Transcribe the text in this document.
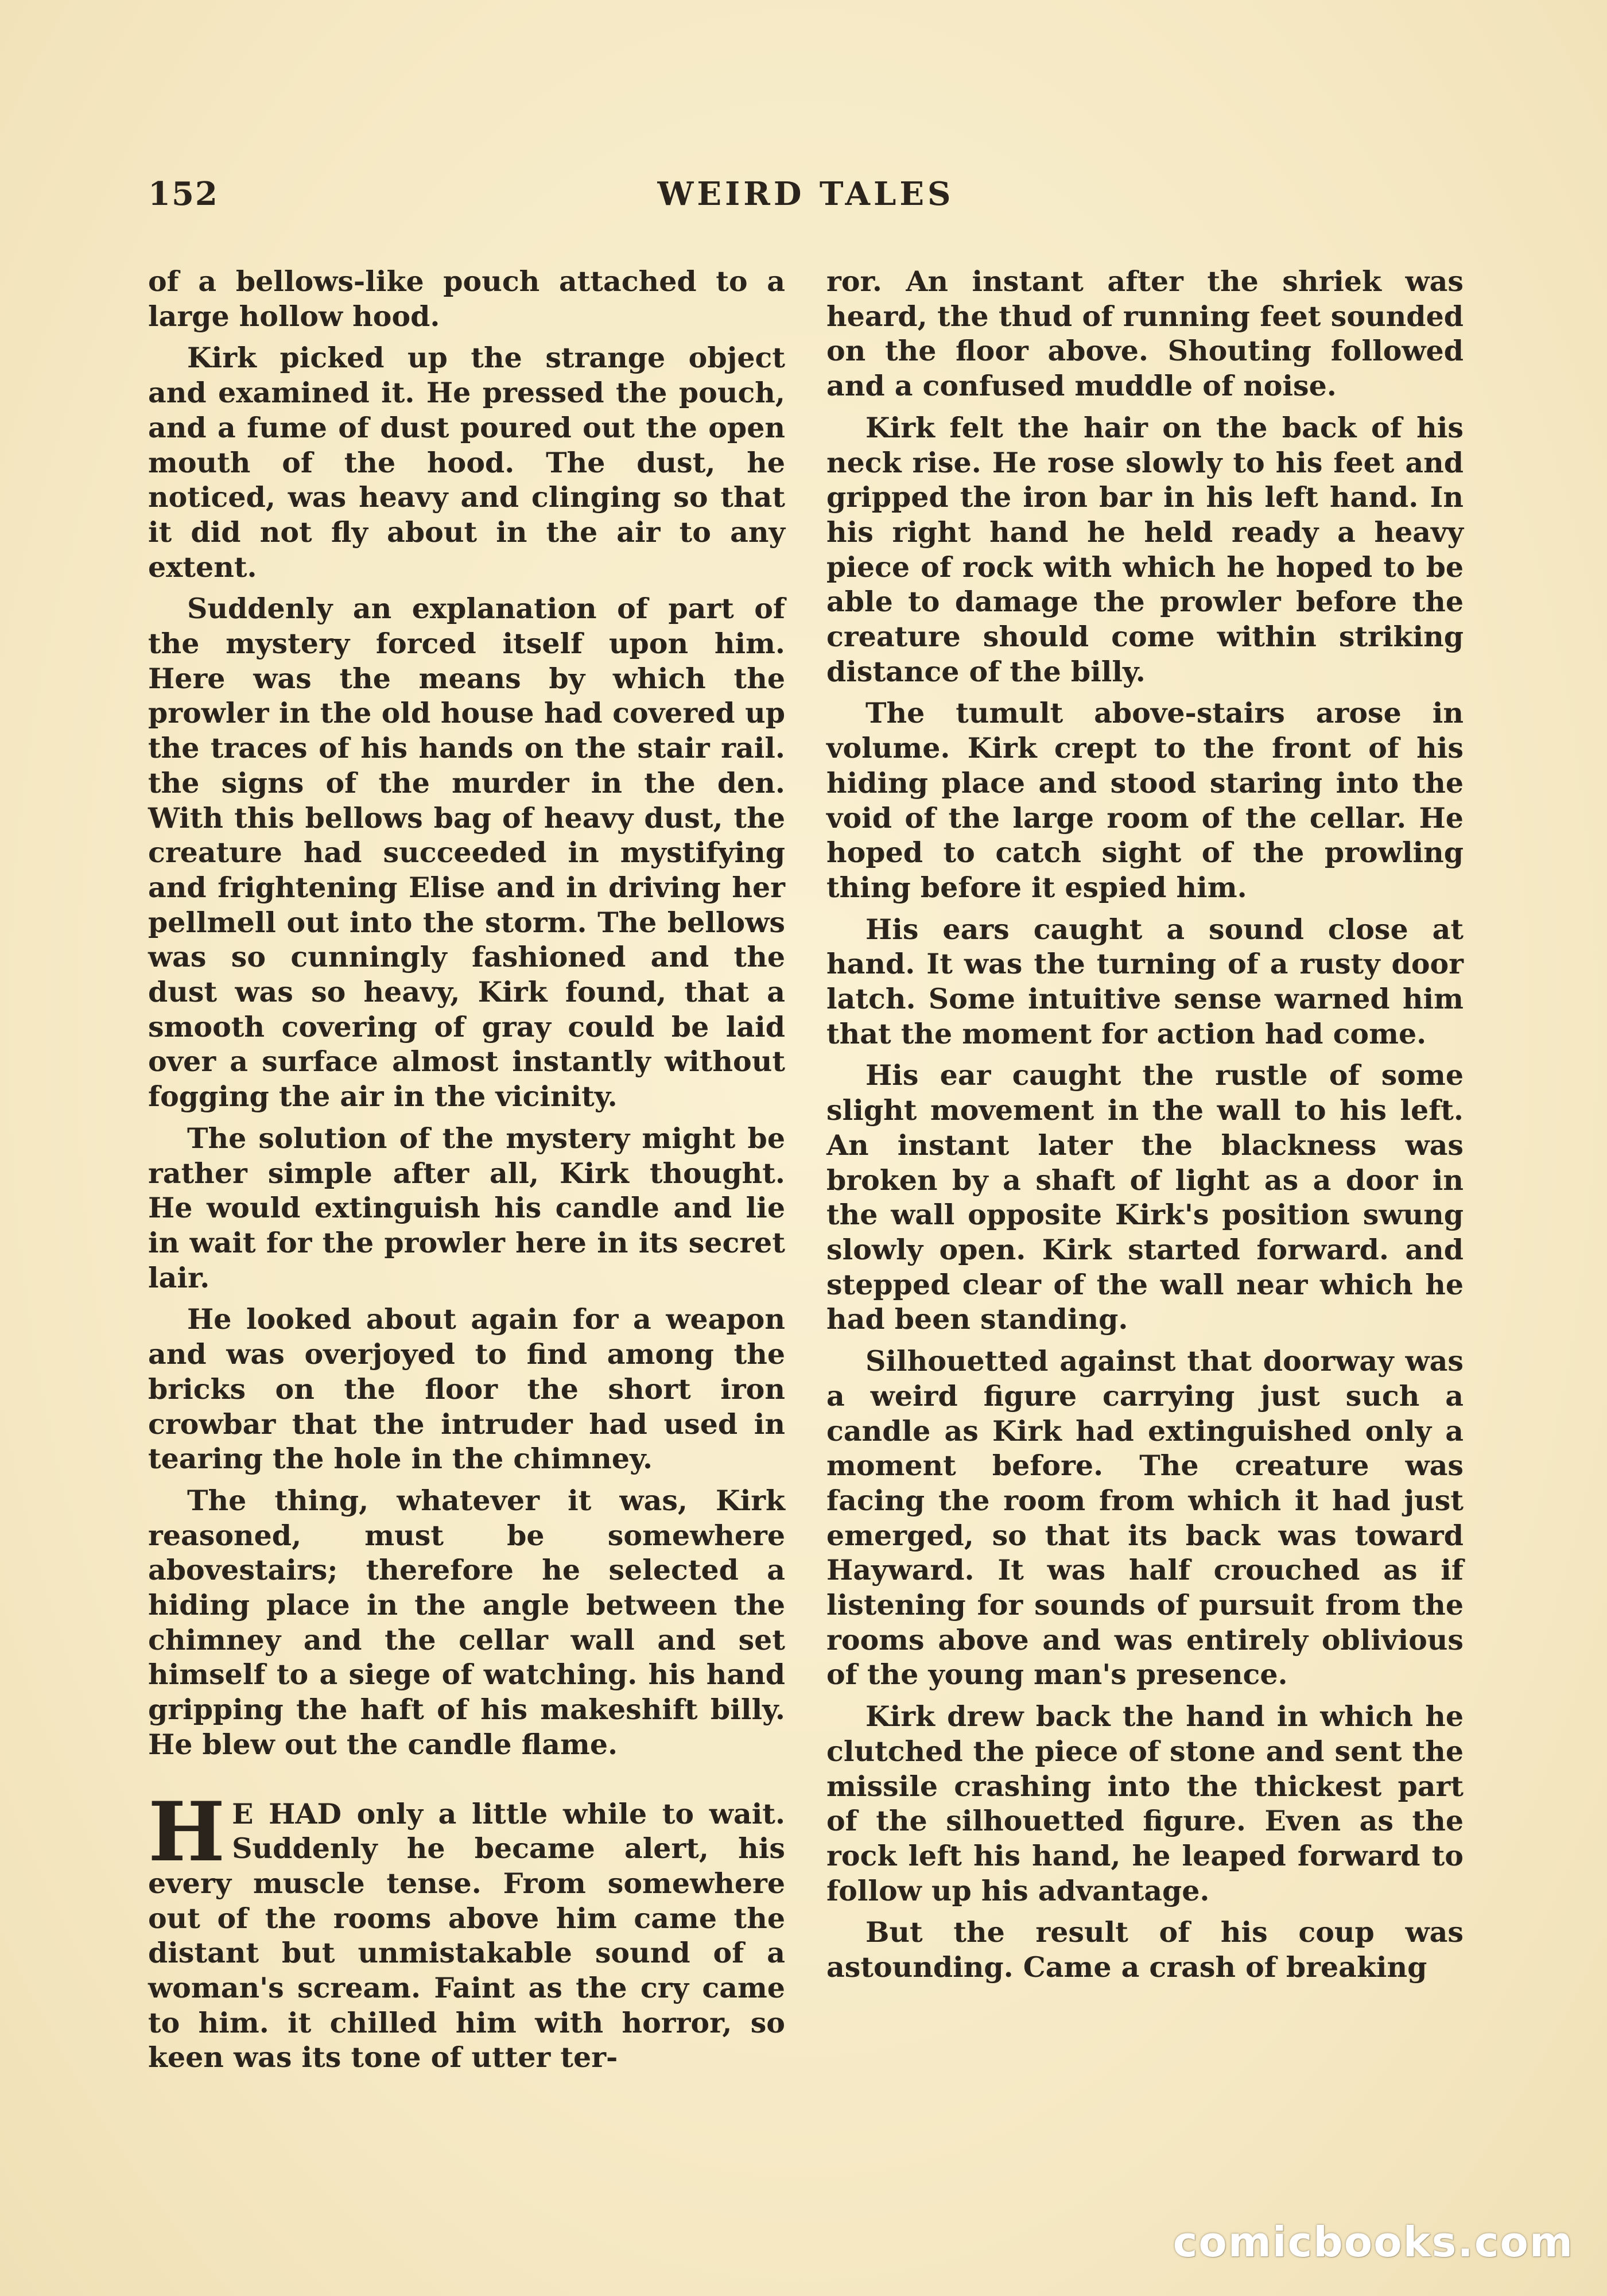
152	WEIRD TALES

of a bellows-like pouch attached to a large hollow hood.

Kirk picked up the strange object and examined it. He pressed the pouch, and a fume of dust poured out the open mouth of the hood. The dust, he noticed, was heavy and clinging so that it did not fly about in the air to any extent.

Suddenly an explanation of part of the mystery forced itself upon him. Here was the means by which the prowler in the old house had covered up the traces of his hands on the stair rail. the signs of the murder in the den. With this bellows bag of heavy dust, the creature had succeeded in mystifying and frightening Elise and in driving her pellmell out into the storm. The bellows was so cunningly fashioned and the dust was so heavy, Kirk found, that a smooth covering of gray could be laid over a surface almost instantly without fogging the air in the vicinity.

The solution of the mystery might be rather simple after all, Kirk thought. He would extinguish his candle and lie in wait for the prowler here in its secret lair.

He looked about again for a weapon and was overjoyed to find among the bricks on the floor the short iron crowbar that the intruder had used in tearing the hole in the chimney.

The thing, whatever it was, Kirk reasoned, must be somewhere abovestairs; therefore he selected a hiding place in the angle between the chimney and the cellar wall and set himself to a siege of watching. his hand gripping the haft of his makeshift billy. He blew out the candle flame.

H E HAD only a little while to wait. Suddenly he became alert, his every muscle tense. From somewhere out of the rooms above him came the distant but unmistakable sound of a woman's scream. Faint as the cry came to him. it chilled him with horror, so keen was its tone of utter ter-

ror. An instant after the shriek was heard, the thud of running feet sounded on the floor above. Shouting followed and a confused muddle of noise.

Kirk felt the hair on the back of his neck rise. He rose slowly to his feet and gripped the iron bar in his left hand. In his right hand he held ready a heavy piece of rock with which he hoped to be able to damage the prowler before the creature should come within striking distance of the billy.

The tumult above-stairs arose in volume. Kirk crept to the front of his hiding place and stood staring into the void of the large room of the cellar. He hoped to catch sight of the prowling thing before it espied him.

His ears caught a sound close at hand. It was the turning of a rusty door latch. Some intuitive sense warned him that the moment for action had come.

His ear caught the rustle of some slight movement in the wall to his left. An instant later the blackness was broken by a shaft of light as a door in the wall opposite Kirk's position swung slowly open. Kirk started forward. and stepped clear of the wall near which he had been standing.

Silhouetted against that doorway was a weird figure carrying just such a candle as Kirk had extinguished only a moment before. The creature was facing the room from which it had just emerged, so that its back was toward Hayward. It was half crouched as if listening for sounds of pursuit from the rooms above and was entirely oblivious of the young man's presence.

Kirk drew back the hand in which he clutched the piece of stone and sent the missile crashing into the thickest part of the silhouetted figure. Even as the rock left his hand, he leaped forward to follow up his advantage.

But the result of his coup was astounding. Came a crash of breaking

comicbooks.com
